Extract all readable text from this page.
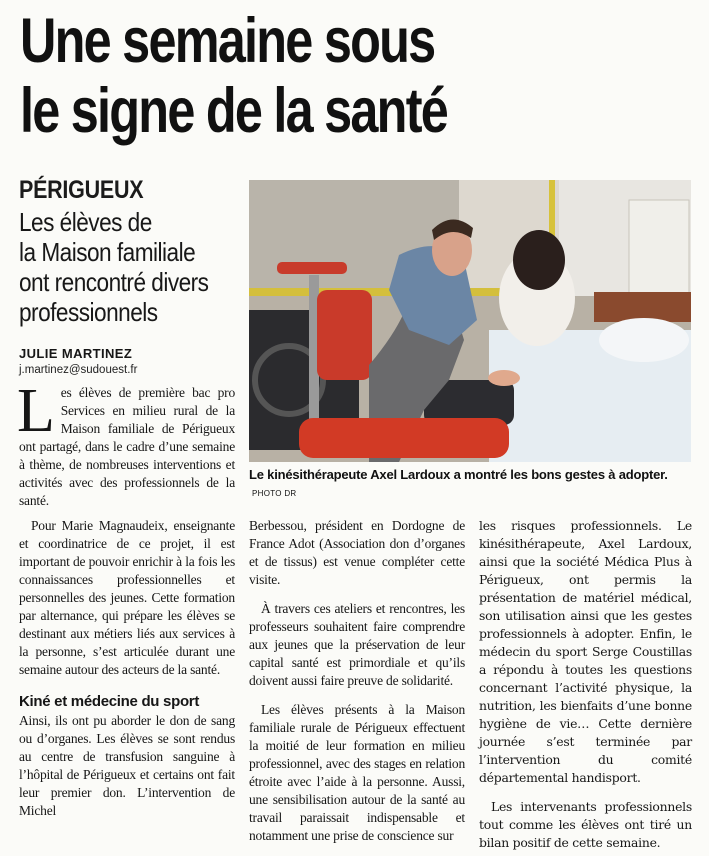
Une semaine sous
le signe de la santé
PÉRIGUEUX
Les élèves de
la Maison familiale
ont rencontré divers
professionnels
JULIE MARTINEZ
j.martinez@sudouest.fr
Le kinésithérapeute Axel Lardoux a montré les bons gestes à adopter. PHOTO DR
Les élèves de première bac pro Services en milieu rural de la Maison familiale de Périgueux ont partagé, dans le cadre d’une semaine à thème, de nombreuses interventions et activités avec des professionnels de la santé.

Pour Marie Magnaudeix, enseignante et coordinatrice de ce projet, il est important de pouvoir enrichir à la fois les connaissances professionnelles et personnelles des jeunes. Cette formation par alternance, qui prépare les élèves se destinant aux métiers liés aux services à la personne, s’est articulée durant une semaine autour des acteurs de la santé.

Kiné et médecine du sport

Ainsi, ils ont pu aborder le don de sang ou d’organes. Les élèves se sont rendus au centre de transfusion sanguine à l’hôpital de Périgueux et certains ont fait leur premier don. L’intervention de Michel

Berbessou, président en Dordogne de France Adot (Association don d’organes et de tissus) est venue compléter cette visite.

À travers ces ateliers et rencontres, les professeurs souhaitent faire comprendre aux jeunes que la préservation de leur capital santé est primordiale et qu’ils doivent aussi faire preuve de solidarité.

Les élèves présents à la Maison familiale rurale de Périgueux effectuent la moitié de leur formation en milieu professionnel, avec des stages en relation étroite avec l’aide à la personne. Aussi, une sensibilisation autour de la santé au travail paraissait indispensable et notamment une prise de conscience sur

les risques professionnels. Le kinésithérapeute, Axel Lardoux, ainsi que la société Médica Plus à Périgueux, ont permis la présentation de matériel médical, son utilisation ainsi que les gestes professionnels à adopter. Enfin, le médecin du sport Serge Coustillas a répondu à toutes les questions concernant l’activité physique, la nutrition, les bienfaits d’une bonne hygiène de vie… Cette dernière journée s’est terminée par l’intervention du comité départemental handisport.

Les intervenants professionnels tout comme les élèves ont tiré un bilan positif de cette semaine.
